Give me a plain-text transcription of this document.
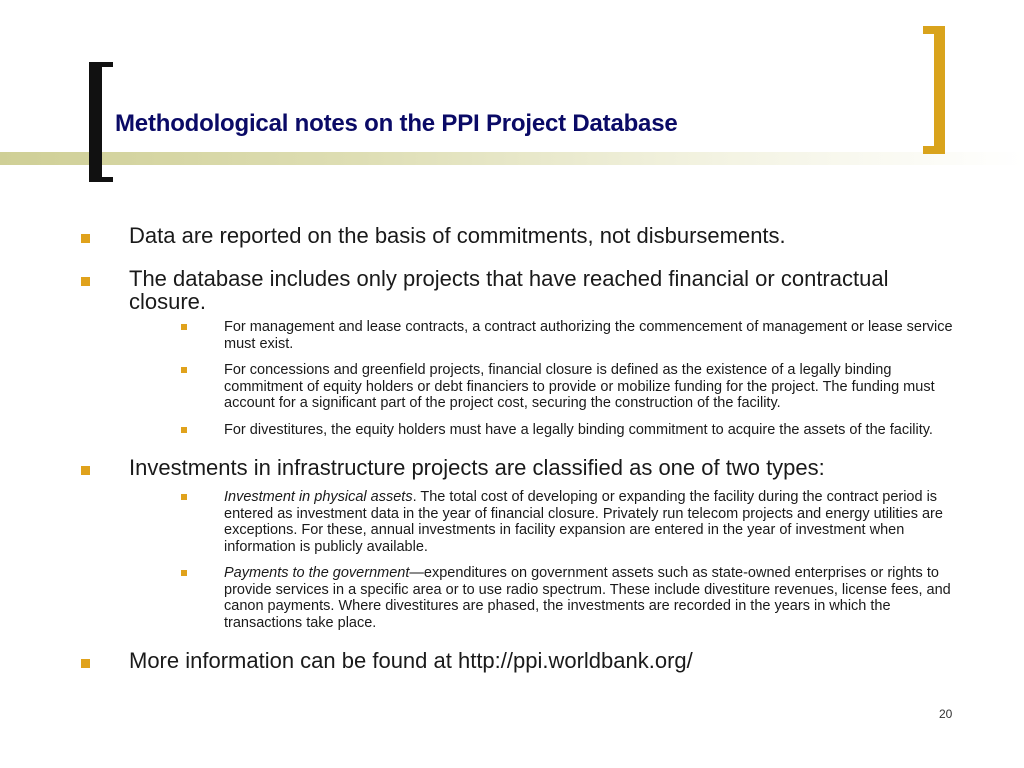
Methodological notes on the PPI Project Database
Data are reported on the basis of commitments, not disbursements.
The database includes only projects that have reached financial or contractual closure.
For management and lease contracts, a contract authorizing the commencement of management or lease service must exist.
For concessions and greenfield projects, financial closure is defined as the existence of a legally binding commitment of equity holders or debt financiers to provide or mobilize funding for the project. The funding must account for a significant part of the project cost, securing the construction of the facility.
For divestitures, the equity holders must have a legally binding commitment to acquire the assets of the facility.
Investments in infrastructure projects are classified as one of two types:
Investment in physical assets. The total cost of developing or expanding the facility during the contract period is entered as investment data in the year of financial closure. Privately run telecom projects and energy utilities are exceptions. For these, annual investments in facility expansion are entered in the year of investment when information is publicly available.
Payments to the government—expenditures on government assets such as state-owned enterprises or rights to provide services in a specific area or to use radio spectrum. These include divestiture revenues, license fees, and canon payments. Where divestitures are phased, the investments are recorded in the years in which the transactions take place.
More information can be found at http://ppi.worldbank.org/
20
